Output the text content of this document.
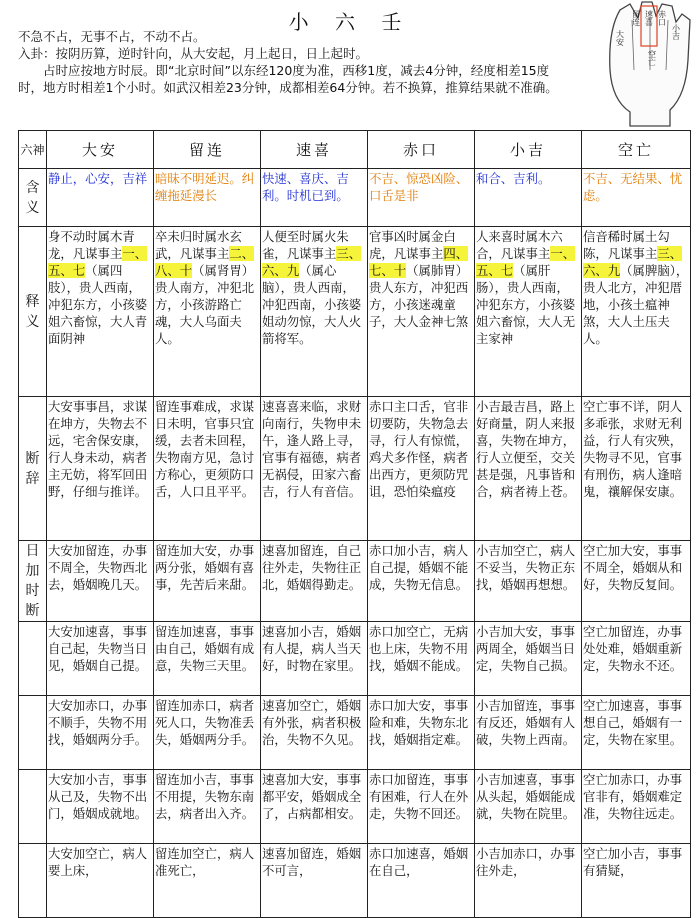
小 六 壬

不急不占，无事不占，不动不占。

入卦：按阴历算，逆时针向，从大安起，月上起日，日上起时。

占时应按地方时辰。即“北京时间”以东经120度为准，西移1度，减去4分钟，经度相差15度时，地方时相差1个小时。如武汉相差23分钟，成都相差64分钟。若不换算，推算结果就不准确。

大安
留连 速喜 赤口
小吉
空亡
六神	大安	留连	速喜	赤口	小吉	空亡
含义	静止，心安，吉祥	暗昧不明延迟。纠缠拖延漫长	快速、喜庆、吉利。时机已到。	不吉、惊恐凶险、口舌是非	和合、吉利。	不吉、无结果、忧虑。
释义	身不动时属木青龙，凡谋事主一、五、七（属四肢），贵人西南，冲犯东方，小孩婆姐六畜惊，大人青面阴神	卒未归时属水玄武，凡谋事主二、八、十（属肾胃）贵人南方，冲犯北方，小孩游路亡魂，大人乌面夫人。	人便至时属火朱雀，凡谋事主三、六、九（属心脑），贵人西南，冲犯西南，小孩婆姐动勿惊，大人火箭将军。	官事凶时属金白虎，凡谋事主四、七、十（属肺胃）贵人东方，冲犯西方，小孩迷魂童子，大人金神七煞	人来喜时属木六合，凡谋事主一、五、七（属肝肠），贵人西南，冲犯东方，小孩婆姐六畜惊，大人无主家神	信音稀时属土勾陈，凡谋事主三、六、九（属脾脑），贵人北方，冲犯厝地，小孩土瘟神煞，大人土压夫人。
断辞	大安事事昌，求谋在坤方，失物去不远，宅舍保安康，行人身未动，病者主无妨，将军回田野，仔细与推详。	留连事难成，求谋日未明，官事只宜缓，去者未回程，失物南方见，急讨方称心，更须防口舌，人口且平平。	速喜喜来临，求财向南行，失物申未午，逢人路上寻，官事有福德，病者无祸侵，田家六畜吉，行人有音信。	赤口主口舌，官非切要防，失物急去寻，行人有惊慌，鸡犬多作怪，病者出西方，更须防咒诅，恐怕染瘟疫	小吉最吉昌，路上好商量，阴人来报喜，失物在坤方，行人立便至，交关甚是强，凡事皆和合，病者祷上苍。	空亡事不详，阴人多乖张，求财无利益，行人有灾殃，失物寻不见，官事有刑伤，病人逢暗鬼，禳解保安康。
日加时断	大安加留连，办事不周全，失物西北去，婚姻晚几天。	留连加大安，办事两分张，婚姻有喜事，先苦后来甜。	速喜加留连，自己往外走，失物往正北，婚姻得勤走。	赤口加小吉，病人自己提，婚姻不能成，失物无信息。	小吉加空亡，病人不妥当，失物正东找，婚姻再想想。	空亡加大安，事事不周全，婚姻从和好，失物反复间。
	大安加速喜，事事自己起，失物当日见，婚姻自己提。	留连加速喜，事事由自己，婚姻有成意，失物三天里。	速喜加小吉，婚姻有人提，病人当天好，时物在家里。	赤口加空亡，无病也上床，失物不用找，婚姻不能成。	小吉加大安，事事两周全，婚姻当日定，失物自己损。	空亡加留连，办事处处难，婚姻重新定，失物永不还。
	大安加赤口，办事不顺手，失物不用找，婚姻两分手。	留连加赤口，病者死人口，失物准丢失，婚姻两分手。	速喜加空亡，婚姻有外张，病者积极治，失物不久见。	赤口加大安，事事险和难，失物东北找，婚姻指定难。	小吉加留连，事事有反还，婚姻有人破，失物上西南。	空亡加速喜，事事想自己，婚姻有一定，失物在家里。
	大安加小吉，事事从己及，失物不出门，婚姻成就地。	留连加小吉，事事不用提，失物东南去，病者出入齐。	速喜加大安，事事都平安，婚姻成全了，占病都相安。	赤口加留连，事事有困难，行人在外走，失物不回还。	小吉加速喜，事事从头起，婚姻能成就，失物在院里。	空亡加赤口，办事官非有，婚姻难定准，失物往远走。
	大安加空亡，病人要上床，	留连加空亡，病人准死亡，	速喜加留连，婚姻不可言，	赤口加速喜，婚姻在自己，	小吉加赤口，办事往外走，	空亡加小吉，事事有猜疑，
